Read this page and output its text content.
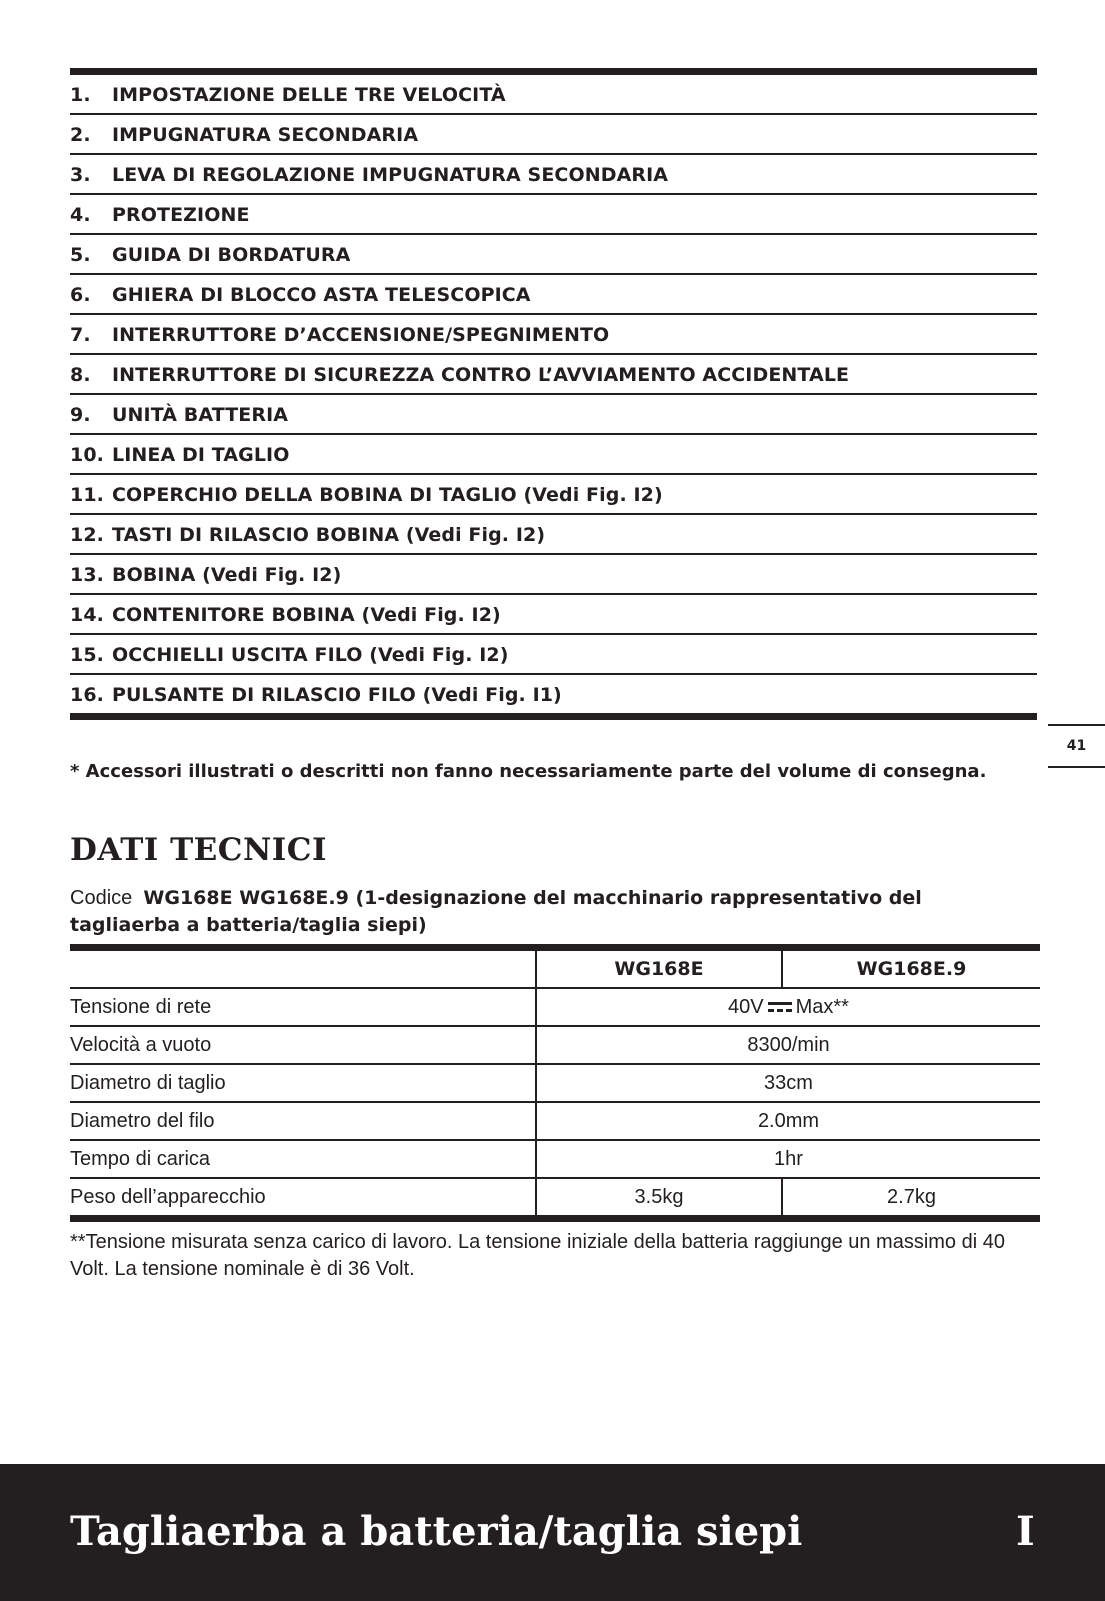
1.	IMPOSTAZIONE DELLE TRE VELOCITÀ
2.	IMPUGNATURA SECONDARIA
3.	LEVA DI REGOLAZIONE IMPUGNATURA SECONDARIA
4.	PROTEZIONE
5.	GUIDA DI BORDATURA
6.	GHIERA DI BLOCCO ASTA TELESCOPICA
7.	INTERRUTTORE D’ACCENSIONE/SPEGNIMENTO
8.	INTERRUTTORE DI SICUREZZA CONTRO L’AVVIAMENTO ACCIDENTALE
9.	UNITÀ BATTERIA
10. LINEA DI TAGLIO
11. COPERCHIO DELLA BOBINA DI TAGLIO (Vedi Fig. I2)
12. TASTI DI RILASCIO BOBINA (Vedi Fig. I2)
13. BOBINA (Vedi Fig. I2)
14. CONTENITORE BOBINA (Vedi Fig. I2)
15. OCCHIELLI USCITA FILO (Vedi Fig. I2)
16. PULSANTE DI RILASCIO FILO (Vedi Fig. I1)
* Accessori illustrati o descritti non fanno necessariamente parte del volume di consegna.
41
DATI TECNICI
Codice WG168E WG168E.9 (1-designazione del macchinario rappresentativo del tagliaerba a batteria/taglia siepi)
	WG168E	WG168E.9
Tensione di rete	40V Max**	
Velocità a vuoto	8300/min	
Diametro di taglio	33cm	
Diametro del filo	2.0mm	
Tempo di carica	1hr	
Peso dell’apparecchio	3.5kg	2.7kg
**Tensione misurata senza carico di lavoro. La tensione iniziale della batteria raggiunge un massimo di 40 Volt. La tensione nominale è di 36 Volt.
Tagliaerba a batteria/taglia siepi	I
